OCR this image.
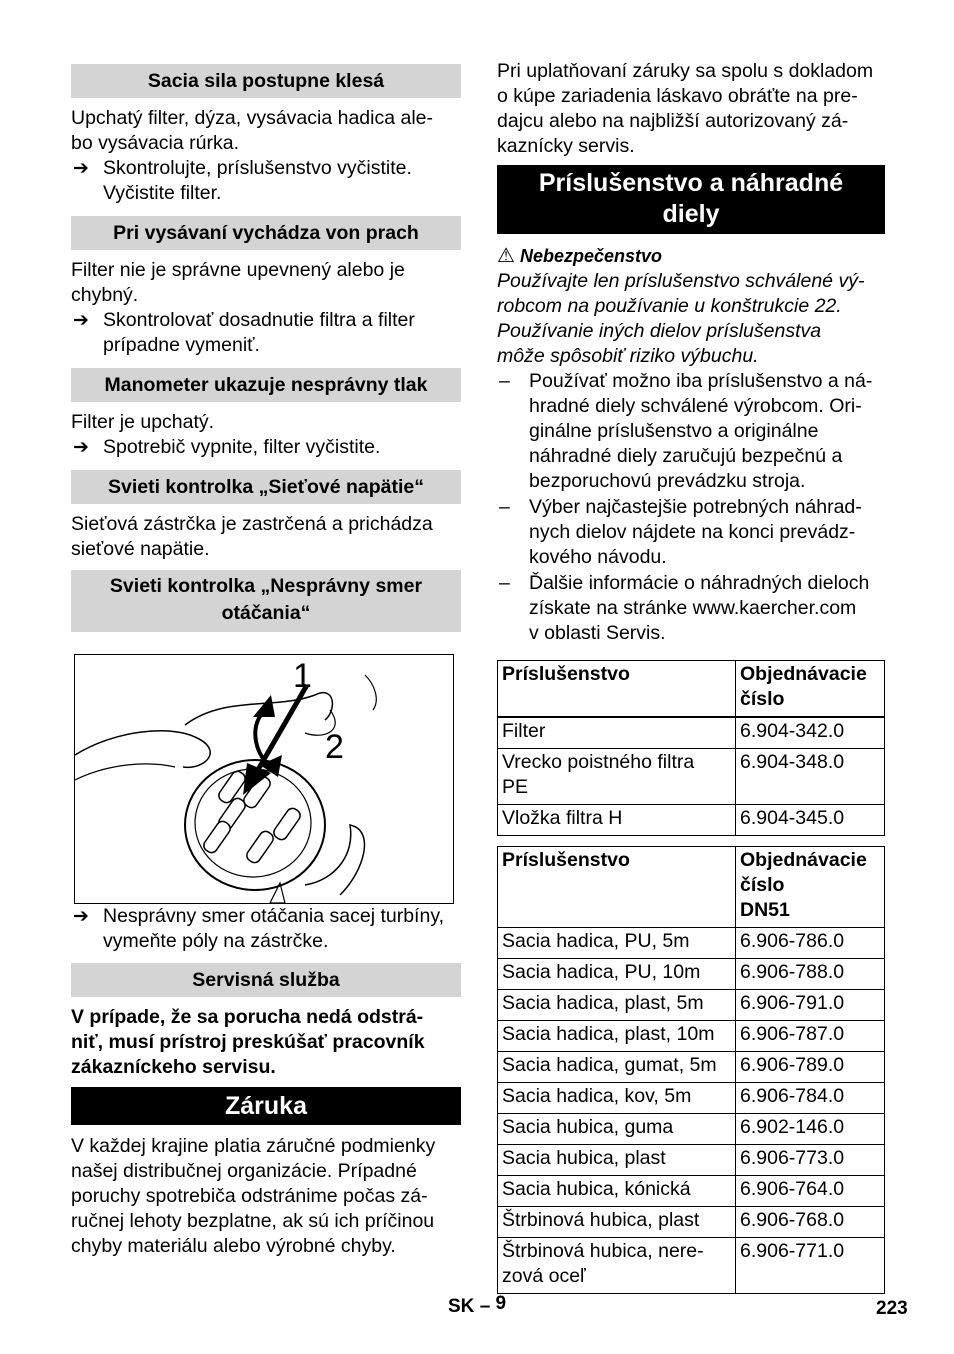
Sacia sila postupne klesá
Upchatý filter, dýza, vysávacia hadica ale-
bo vysávacia rúrka.
➔ Skontrolujte, príslušenstvo vyčistite.
Vyčistite filter.
Pri vysávaní vychádza von prach
Filter nie je správne upevnený alebo je
chybný.
➔ Skontrolovať dosadnutie filtra a filter
prípadne vymeniť.
Manometer ukazuje nesprávny tlak
Filter je upchatý.
➔ Spotrebič vypnite, filter vyčistite.
Svieti kontrolka „Sieťové napätie“
Sieťová zástrčka je zastrčená a prichádza
sieťové napätie.
Svieti kontrolka „Nesprávny smer
otáčania“
1
2
➔ Nesprávny smer otáčania sacej turbíny,
vymeňte póly na zástrčke.
Servisná služba
V prípade, že sa porucha nedá odstrá-
niť, musí prístroj preskúšať pracovník
zákazníckeho servisu.
Záruka
V každej krajine platia záručné podmienky
našej distribučnej organizácie. Prípadné
poruchy spotrebiča odstránime počas zá-
ručnej lehoty bezplatne, ak sú ich príčinou
chyby materiálu alebo výrobné chyby.
Pri uplatňovaní záruky sa spolu s dokladom
o kúpe zariadenia láskavo obráťte na pre-
dajcu alebo na najbližší autorizovaný zá-
kaznícky servis.
Príslušenstvo a náhradné
diely
⚠ Nebezpečenstvo
Používajte len príslušenstvo schválené vý-
robcom na používanie u konštrukcie 22.
Používanie iných dielov príslušenstva
môže spôsobiť riziko výbuchu.
– Používať možno iba príslušenstvo a ná-
hradné diely schválené výrobcom. Ori-
ginálne príslušenstvo a originálne
náhradné diely zaručujú bezpečnú a
bezporuchovú prevádzku stroja.
– Výber najčastejšie potrebných náhrad-
nych dielov nájdete na konci prevádz-
kového návodu.
– Ďalšie informácie o náhradných dieloch
získate na stránke www.kaercher.com
v oblasti Servis.
Príslušenstvo	Objednávacie
číslo

Filter	6.904-342.0

Vrecko poistného filtra
PE	6.904-348.0

Vložka filtra H	6.904-345.0
Príslušenstvo	Objednávacie
číslo
DN51

Sacia hadica, PU, 5m	6.906-786.0

Sacia hadica, PU, 10m	6.906-788.0

Sacia hadica, plast, 5m	6.906-791.0

Sacia hadica, plast, 10m	6.906-787.0

Sacia hadica, gumat, 5m	6.906-789.0

Sacia hadica, kov, 5m	6.906-784.0

Sacia hubica, guma	6.902-146.0

Sacia hubica, plast	6.906-773.0

Sacia hubica, kónická	6.906-764.0

Štrbinová hubica, plast	6.906-768.0

Štrbinová hubica, nere-
zová oceľ	6.906-771.0
SK – 9	223
